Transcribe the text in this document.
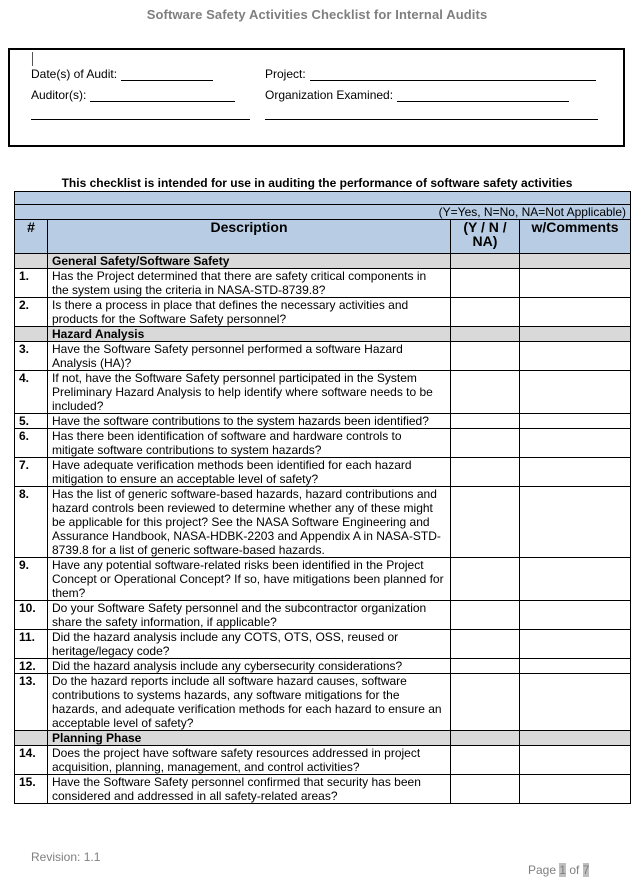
Software Safety Activities Checklist for Internal Audits
Date(s) of Audit:	Project:
Auditor(s):	Organization Examined:
This checklist is intended for use in auditing the performance of software safety activities

(Y=Yes, N=No, NA=Not Applicable)			
#	Description	(Y / N / NA)	w/Comments
	General Safety/Software Safety		
1.	Has the Project determined that there are safety critical components in the system using the criteria in NASA-STD-8739.8?		
2.	Is there a process in place that defines the necessary activities and products for the Software Safety personnel?		
	Hazard Analysis		
3.	Have the Software Safety personnel performed a software Hazard Analysis (HA)?		
4.	If not, have the Software Safety personnel participated in the System Preliminary Hazard Analysis to help identify where software needs to be included?		
5.	Have the software contributions to the system hazards been identified?		
6.	Has there been identification of software and hardware controls to mitigate software contributions to system hazards?		
7.	Have adequate verification methods been identified for each hazard mitigation to ensure an acceptable level of safety?		
8.	Has the list of generic software-based hazards, hazard contributions and hazard controls been reviewed to determine whether any of these might be applicable for this project? See the NASA Software Engineering and Assurance Handbook, NASA-HDBK-2203 and Appendix A in NASA-STD-8739.8 for a list of generic software-based hazards.		
9.	Have any potential software-related risks been identified in the Project Concept or Operational Concept? If so, have mitigations been planned for them?		
10.	Do your Software Safety personnel and the subcontractor organization share the safety information, if applicable?		
11.	Did the hazard analysis include any COTS, OTS, OSS, reused or heritage/legacy code?		
12.	Did the hazard analysis include any cybersecurity considerations?		
13.	Do the hazard reports include all software hazard causes, software contributions to systems hazards, any software mitigations for the hazards, and adequate verification methods for each hazard to ensure an acceptable level of safety?		
	Planning Phase		
14.	Does the project have software safety resources addressed in project acquisition, planning, management, and control activities?		
15.	Have the Software Safety personnel confirmed that security has been considered and addressed in all safety-related areas?		
Revision: 1.1
Page 1 of 7
